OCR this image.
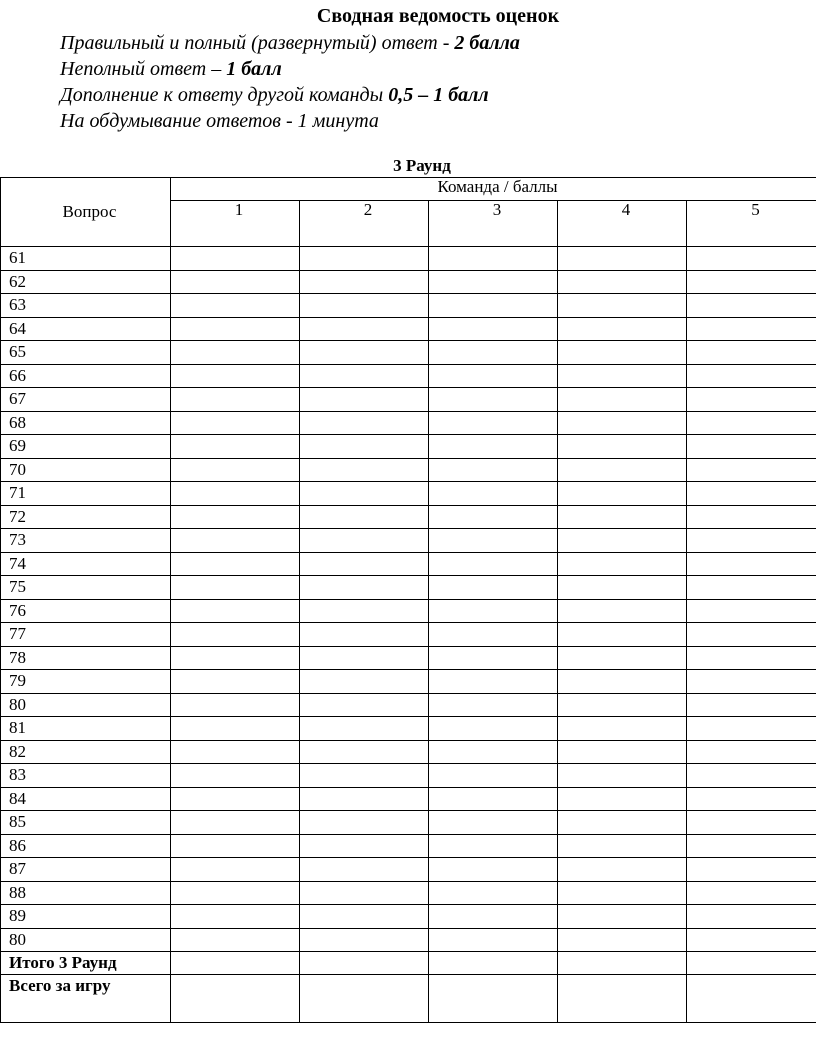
Сводная ведомость оценок
Правильный и полный (развернутый) ответ - 2 балла
Неполный ответ – 1 балл
Дополнение к ответу другой команды 0,5 – 1 балл
На обдумывание ответов - 1 минута
3 Раунд
Вопрос	Команда / баллы				
	1	2	3	4	5
61					
62					
63					
64					
65					
66					
67					
68					
69					
70					
71					
72					
73					
74					
75					
76					
77					
78					
79					
80					
81					
82					
83					
84					
85					
86					
87					
88					
89					
80					
Итого 3 Раунд					
Всего за игру					
